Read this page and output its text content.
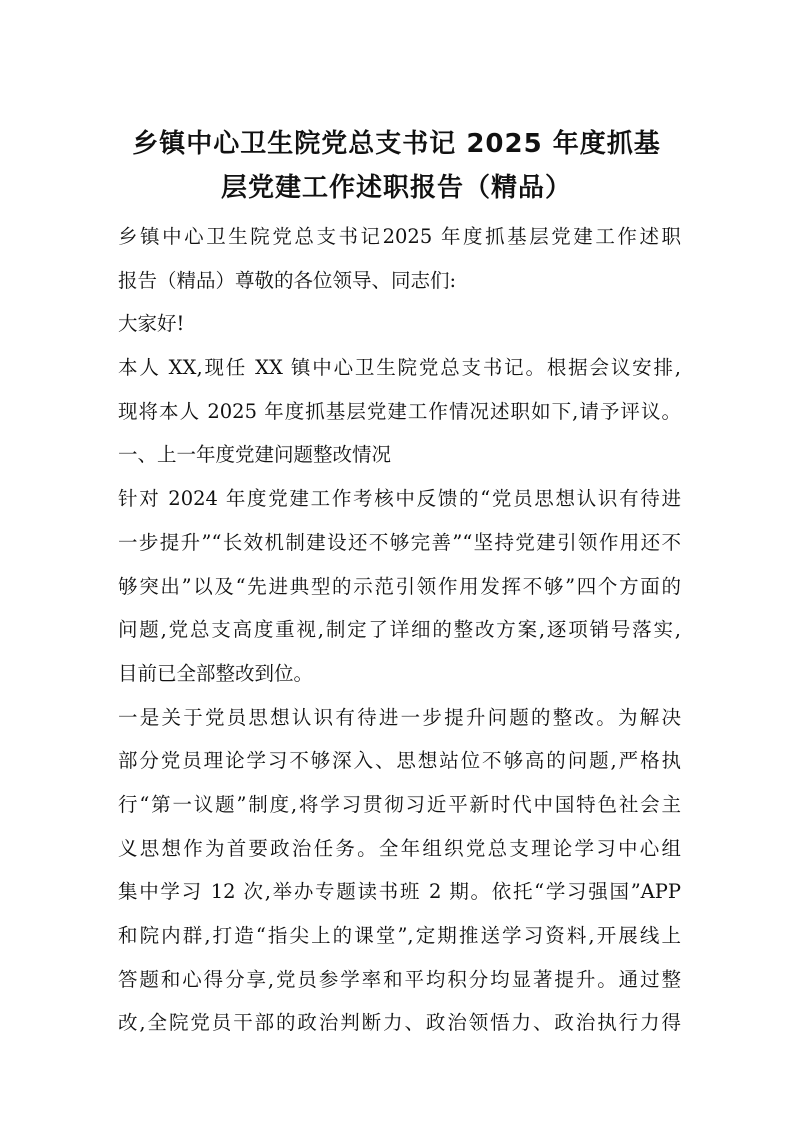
乡镇中心卫生院党总支书记 2025 年度抓基
层党建工作述职报告（精品）
乡镇中心卫生院党总支书记2025 年度抓基层党建工作述职
报告（精品）尊敬的各位领导、同志们:
大家好!
本人 XX,现任 XX 镇中心卫生院党总支书记。根据会议安排,
现将本人 2025 年度抓基层党建工作情况述职如下,请予评议。
一、上一年度党建问题整改情况
针对 2024 年度党建工作考核中反馈的“党员思想认识有待进
一步提升”“长效机制建设还不够完善”“坚持党建引领作用还不
够突出”以及“先进典型的示范引领作用发挥不够”四个方面的
问题,党总支高度重视,制定了详细的整改方案,逐项销号落实,
目前已全部整改到位。
一是关于党员思想认识有待进一步提升问题的整改。为解决
部分党员理论学习不够深入、思想站位不够高的问题,严格执
行“第一议题”制度,将学习贯彻习近平新时代中国特色社会主
义思想作为首要政治任务。全年组织党总支理论学习中心组
集中学习 12 次,举办专题读书班 2 期。依托“学习强国”APP
和院内群,打造“指尖上的课堂”,定期推送学习资料,开展线上
答题和心得分享,党员参学率和平均积分均显著提升。通过整
改,全院党员干部的政治判断力、政治领悟力、政治执行力得
